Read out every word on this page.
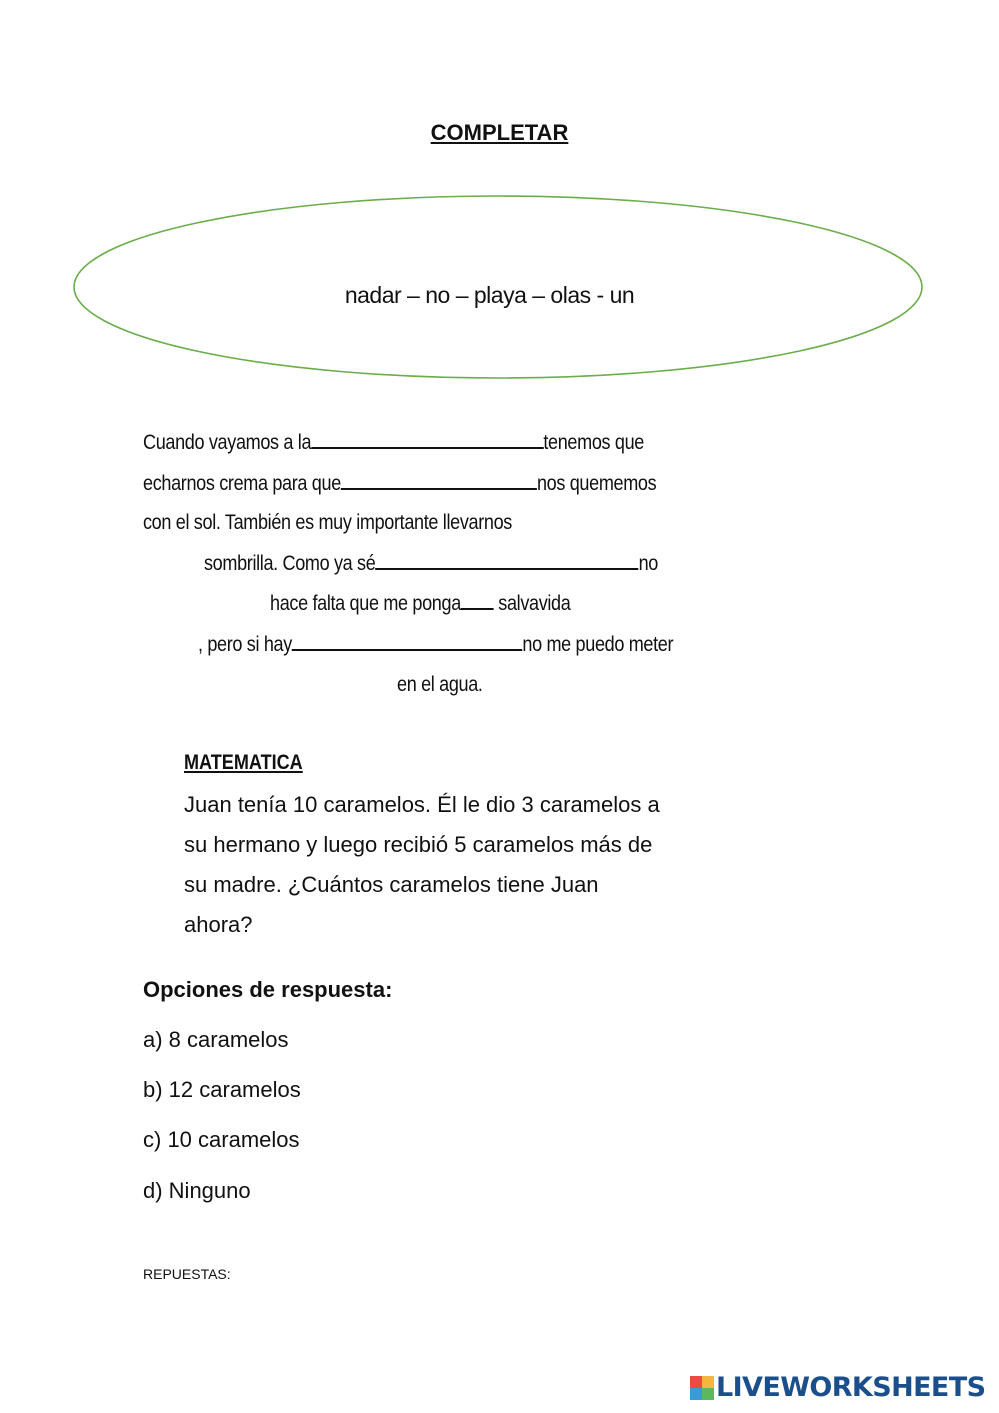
COMPLETAR
nadar – no – playa – olas - un
Cuando vayamos a la	tenemos que
echarnos crema para que	nos quememos
con el sol. También es muy importante llevarnos
sombrilla. Como ya sé	no
hace falta que me ponga salvavida
, pero si hay	no me puedo meter
en el agua.
MATEMATICA
Juan tenía 10 caramelos. Él le dio 3 caramelos a
su hermano y luego recibió 5 caramelos más de
su madre. ¿Cuántos caramelos tiene Juan
ahora?
Opciones de respuesta:
a) 8 caramelos
b) 12 caramelos
c) 10 caramelos
d) Ninguno
REPUESTAS:
LIVEWORKSHEETS
